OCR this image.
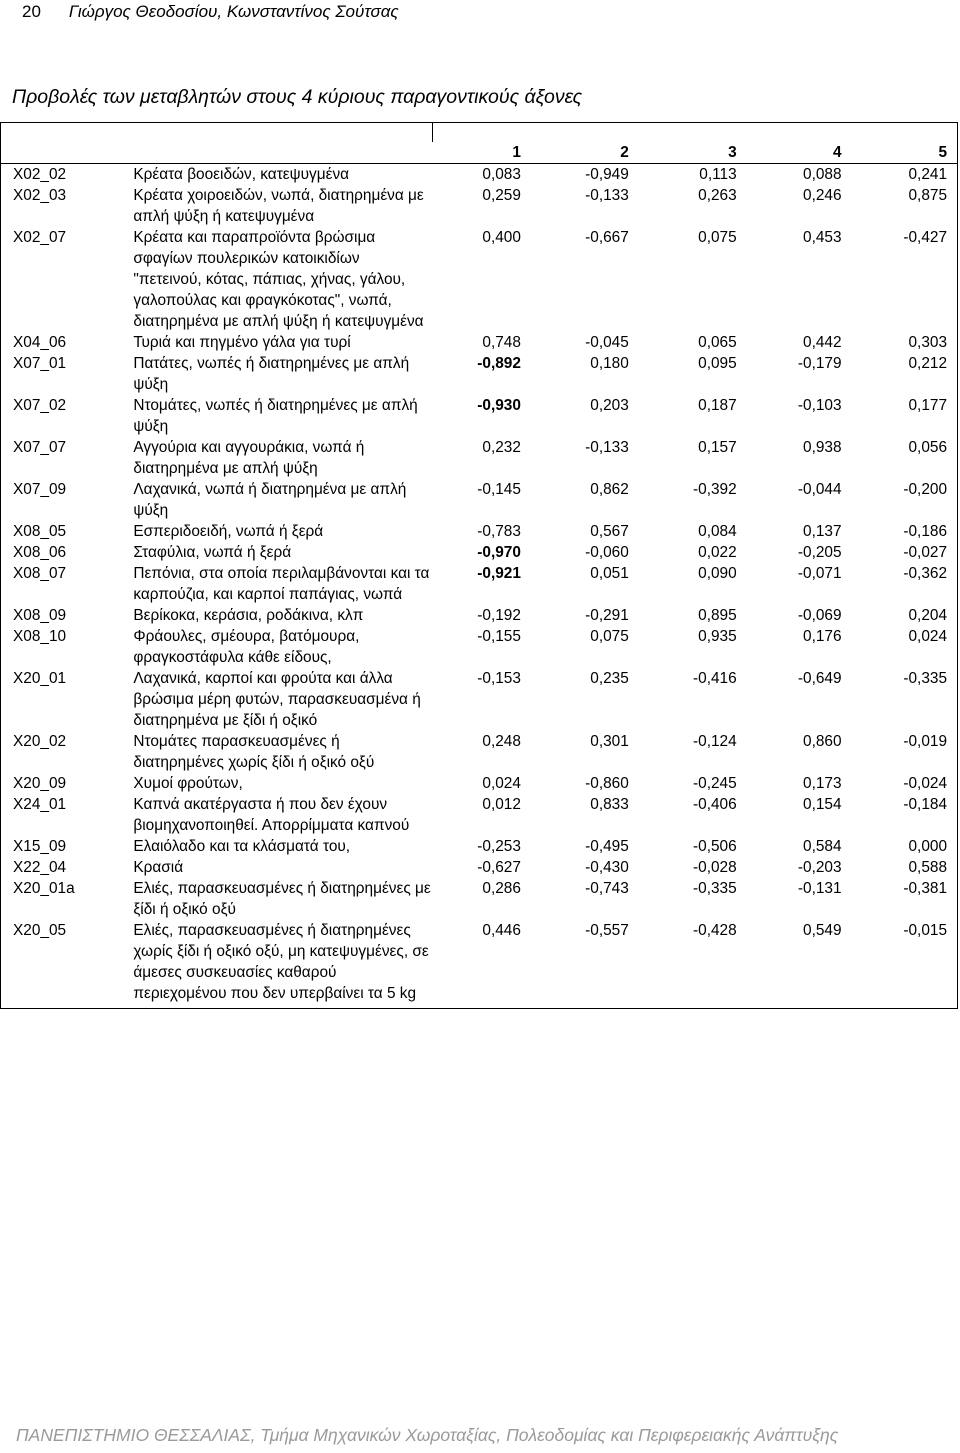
20 Γιώργος Θεοδοσίου, Κωνσταντίνος Σούτσας
Προβολές των μεταβλητών στους 4 κύριους παραγοντικούς άξονες

		1	2	3	4	5
X02_02	Κρέατα βοοειδών, κατεψυγμένα	0,083	-0,949	0,113	0,088	0,241
X02_03	Κρέατα χοιροειδών, νωπά, διατηρημένα με απλή ψύξη ή κατεψυγμένα	0,259	-0,133	0,263	0,246	0,875
X02_07	Κρέατα και παραπροϊόντα βρώσιμα σφαγίων πουλερικών κατοικιδίων "πετεινού, κότας, πάπιας, χήνας, γάλου, γαλοπούλας και φραγκόκοτας", νωπά, διατηρημένα με απλή ψύξη ή κατεψυγμένα	0,400	-0,667	0,075	0,453	-0,427
X04_06	Τυριά και πηγμένο γάλα για τυρί	0,748	-0,045	0,065	0,442	0,303
X07_01	Πατάτες, νωπές ή διατηρημένες με απλή ψύξη	-0,892	0,180	0,095	-0,179	0,212
X07_02	Ντομάτες, νωπές ή διατηρημένες με απλή ψύξη	-0,930	0,203	0,187	-0,103	0,177
X07_07	Αγγούρια και αγγουράκια, νωπά ή διατηρημένα με απλή ψύξη	0,232	-0,133	0,157	0,938	0,056
X07_09	Λαχανικά, νωπά ή διατηρημένα με απλή ψύξη	-0,145	0,862	-0,392	-0,044	-0,200
X08_05	Εσπεριδοειδή, νωπά ή ξερά	-0,783	0,567	0,084	0,137	-0,186
X08_06	Σταφύλια, νωπά ή ξερά	-0,970	-0,060	0,022	-0,205	-0,027
X08_07	Πεπόνια, στα οποία περιλαμβάνονται και τα καρπούζια, και καρποί παπάγιας, νωπά	-0,921	0,051	0,090	-0,071	-0,362
X08_09	Βερίκοκα, κεράσια, ροδάκινα, κλπ	-0,192	-0,291	0,895	-0,069	0,204
X08_10	Φράουλες, σμέουρα, βατόμουρα, φραγκοστάφυλα κάθε είδους,	-0,155	0,075	0,935	0,176	0,024
X20_01	Λαχανικά, καρποί και φρούτα και άλλα βρώσιμα μέρη φυτών, παρασκευασμένα ή διατηρημένα με ξίδι ή οξικό	-0,153	0,235	-0,416	-0,649	-0,335
X20_02	Ντομάτες παρασκευασμένες ή διατηρημένες χωρίς ξίδι ή οξικό οξύ	0,248	0,301	-0,124	0,860	-0,019
X20_09	Χυμοί φρούτων,	0,024	-0,860	-0,245	0,173	-0,024
X24_01	Καπνά ακατέργαστα ή που δεν έχουν βιομηχανοποιηθεί. Απορρίμματα καπνού	0,012	0,833	-0,406	0,154	-0,184
X15_09	Ελαιόλαδο και τα κλάσματά του,	-0,253	-0,495	-0,506	0,584	0,000
X22_04	Κρασιά	-0,627	-0,430	-0,028	-0,203	0,588
X20_01a	Ελιές, παρασκευασμένες ή διατηρημένες με ξίδι ή οξικό οξύ	0,286	-0,743	-0,335	-0,131	-0,381
X20_05	Ελιές, παρασκευασμένες ή διατηρημένες χωρίς ξίδι ή οξικό οξύ, μη κατεψυγμένες, σε άμεσες συσκευασίες καθαρού περιεχομένου που δεν υπερβαίνει τα 5 kg	0,446	-0,557	-0,428	0,549	-0,015
ΠΑΝΕΠΙΣΤΗΜΙΟ ΘΕΣΣΑΛΙΑΣ, Τμήμα Μηχανικών Χωροταξίας, Πολεοδομίας και Περιφερειακής Ανάπτυξης
